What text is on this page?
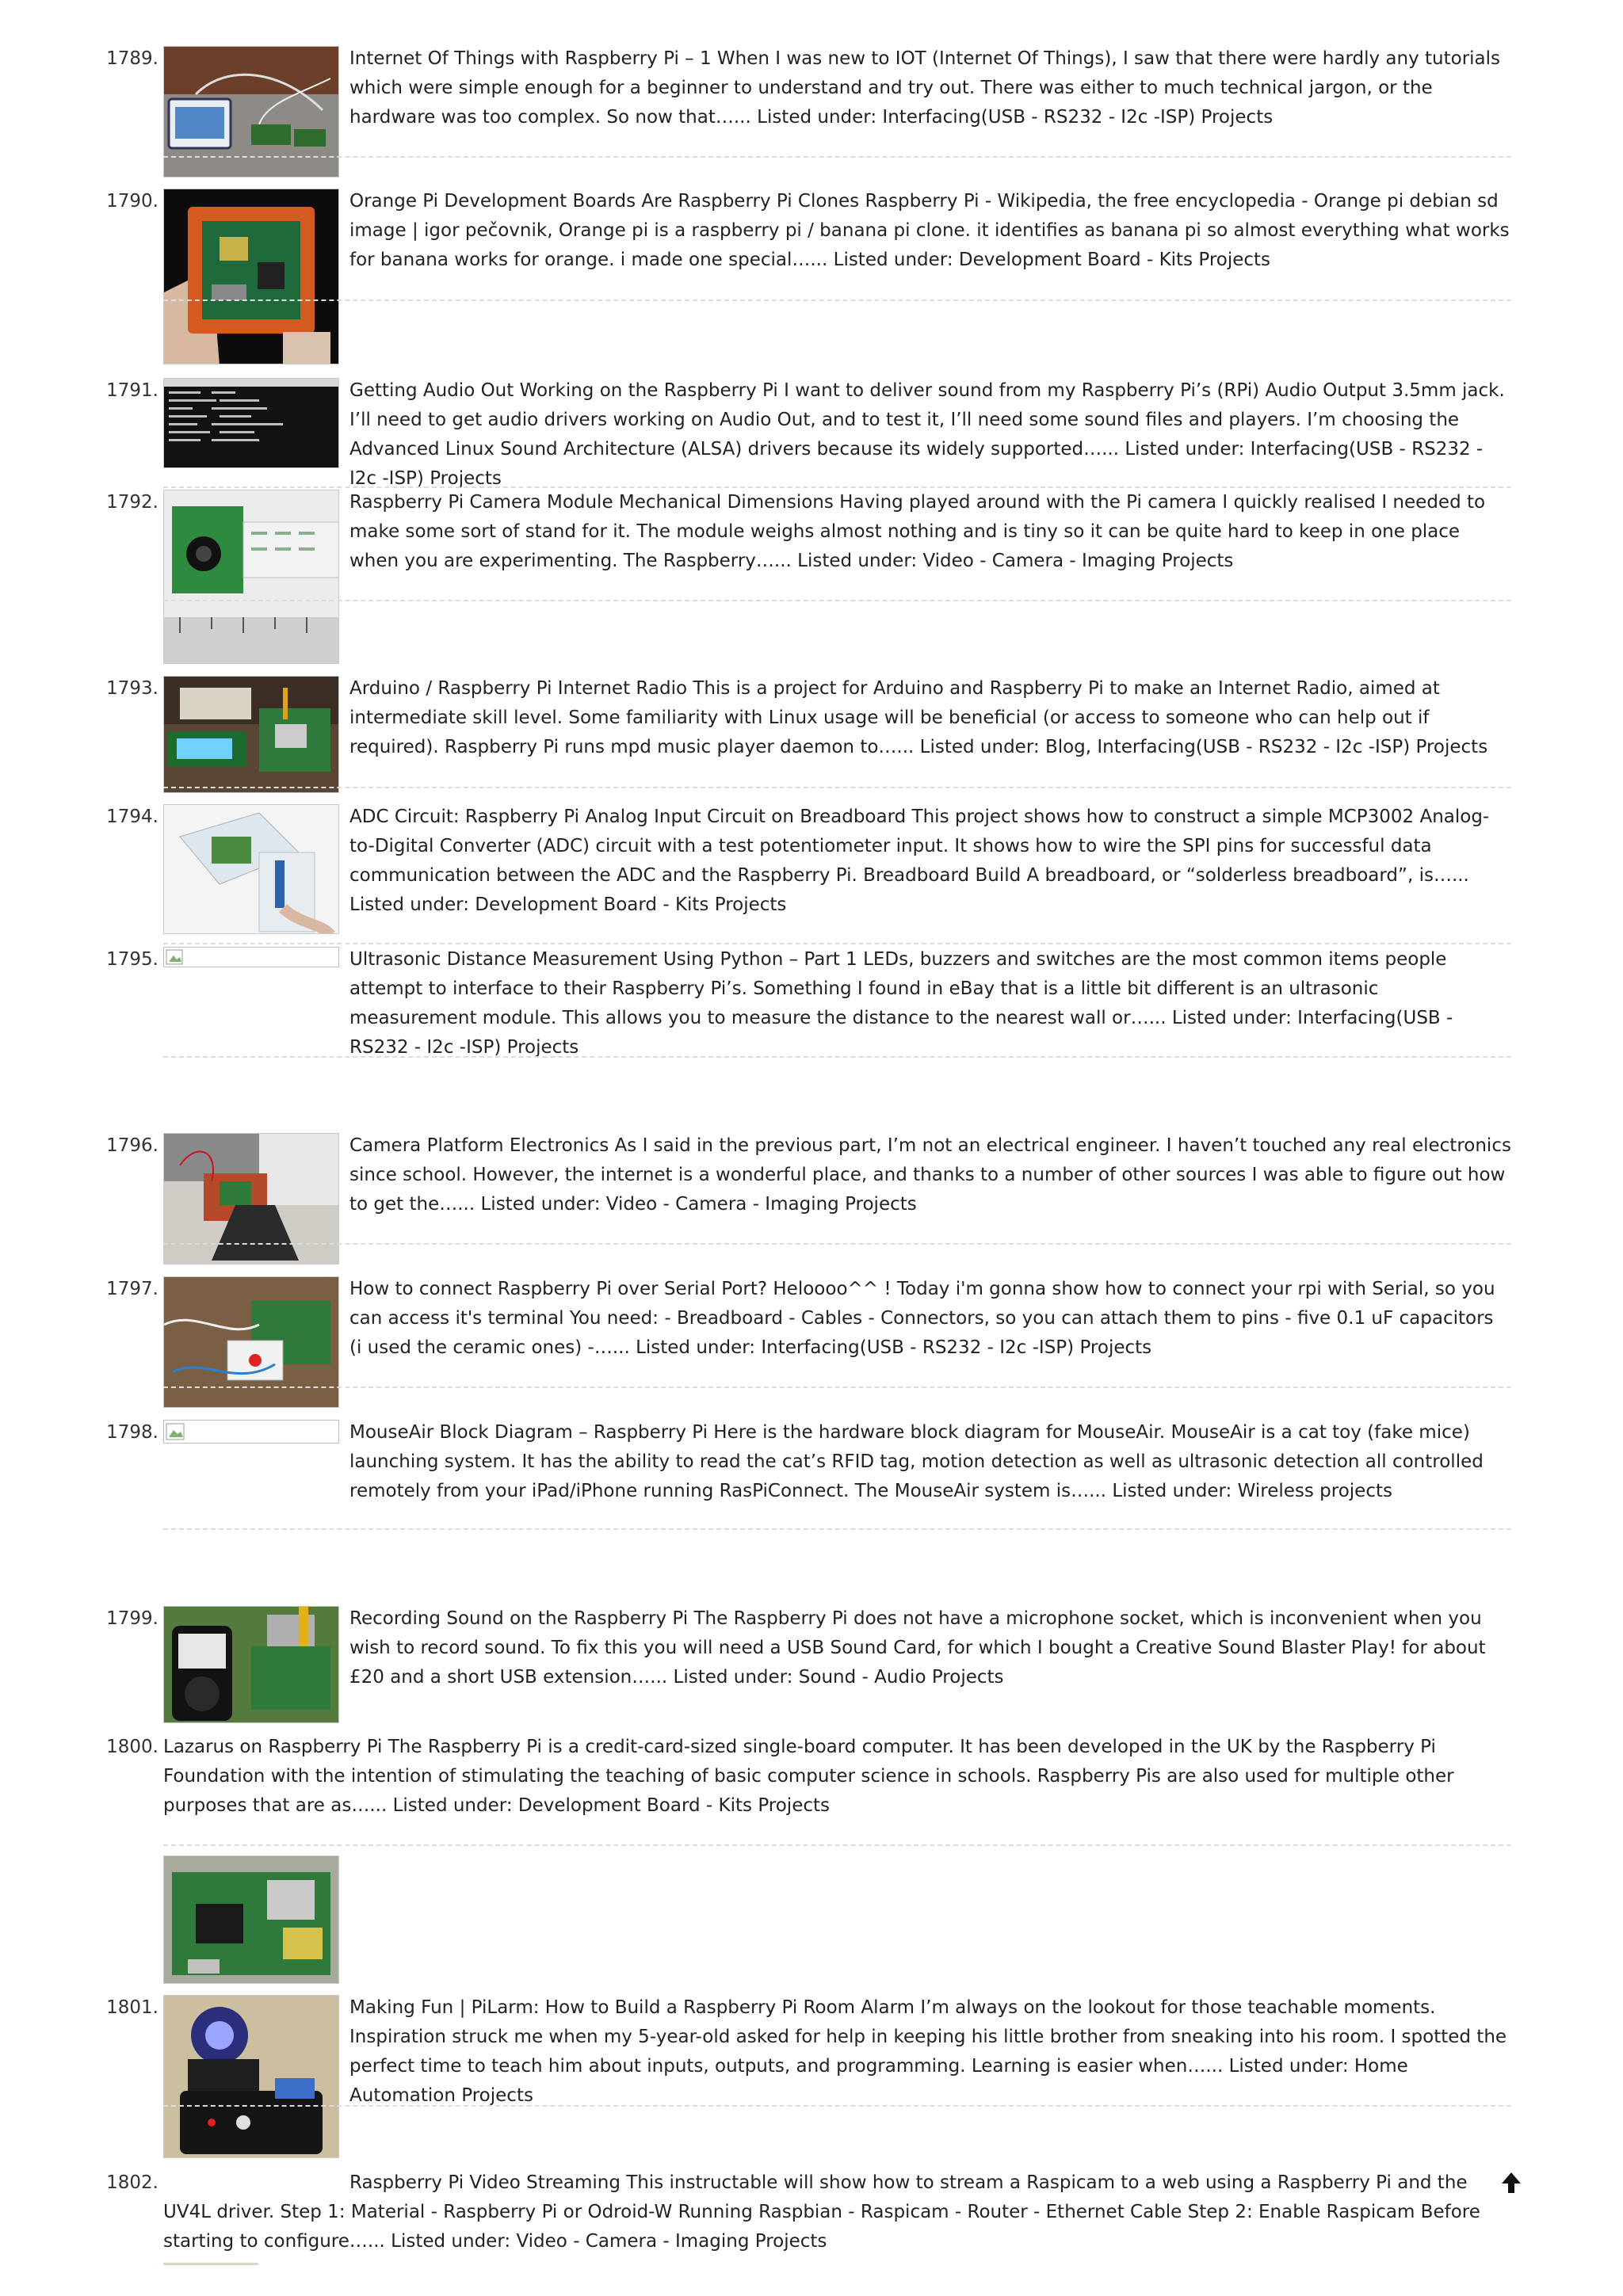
1789.	Internet Of Things with Raspberry Pi – 1 When I was new to IOT (Internet Of Things), I saw that there were hardly any tutorials which were simple enough for a beginner to understand and try out. There was either to much technical jargon, or the hardware was too complex. So now that…... Listed under: Interfacing(USB - RS232 - I2c -ISP) Projects
1790.	Orange Pi Development Boards Are Raspberry Pi Clones Raspberry Pi - Wikipedia, the free encyclopedia - Orange pi debian sd image | igor pečovnik, Orange pi is a raspberry pi / banana pi clone. it identifies as banana pi so almost everything what works for banana works for orange. i made one special…... Listed under: Development Board - Kits Projects
1791.	Getting Audio Out Working on the Raspberry Pi I want to deliver sound from my Raspberry Pi’s (RPi) Audio Output 3.5mm jack. I’ll need to get audio drivers working on Audio Out, and to test it, I’ll need some sound files and players. I’m choosing the Advanced Linux Sound Architecture (ALSA) drivers because its widely supported…... Listed under: Interfacing(USB - RS232 - I2c -ISP) Projects
1792.	Raspberry Pi Camera Module Mechanical Dimensions Having played around with the Pi camera I quickly realised I needed to make some sort of stand for it. The module weighs almost nothing and is tiny so it can be quite hard to keep in one place when you are experimenting. The Raspberry…... Listed under: Video - Camera - Imaging Projects
1793.	Arduino / Raspberry Pi Internet Radio This is a project for Arduino and Raspberry Pi to make an Internet Radio, aimed at intermediate skill level. Some familiarity with Linux usage will be beneficial (or access to someone who can help out if required). Raspberry Pi runs mpd music player daemon to…... Listed under: Blog, Interfacing(USB - RS232 - I2c -ISP) Projects
1794.	ADC Circuit: Raspberry Pi Analog Input Circuit on Breadboard This project shows how to construct a simple MCP3002 Analog-to-Digital Converter (ADC) circuit with a test potentiometer input. It shows how to wire the SPI pins for successful data communication between the ADC and the Raspberry Pi. Breadboard Build A breadboard, or “solderless breadboard”, is…... Listed under: Development Board - Kits Projects
1795.	Ultrasonic Distance Measurement Using Python – Part 1 LEDs, buzzers and switches are the most common items people attempt to interface to their Raspberry Pi’s. Something I found in eBay that is a little bit different is an ultrasonic measurement module. This allows you to measure the distance to the nearest wall or…... Listed under: Interfacing(USB - RS232 - I2c -ISP) Projects
1796.	Camera Platform Electronics As I said in the previous part, I’m not an electrical engineer. I haven’t touched any real electronics since school. However, the internet is a wonderful place, and thanks to a number of other sources I was able to figure out how to get the…... Listed under: Video - Camera - Imaging Projects
1797.	How to connect Raspberry Pi over Serial Port? Heloooo^^ ! Today i'm gonna show how to connect your rpi with Serial, so you can access it's terminal You need: - Breadboard - Cables - Connectors, so you can attach them to pins - five 0.1 uF capacitors (i used the ceramic ones) -…... Listed under: Interfacing(USB - RS232 - I2c -ISP) Projects
1798.	MouseAir Block Diagram – Raspberry Pi Here is the hardware block diagram for MouseAir. MouseAir is a cat toy (fake mice) launching system. It has the ability to read the cat’s RFID tag, motion detection as well as ultrasonic detection all controlled remotely from your iPad/iPhone running RasPiConnect. The MouseAir system is…... Listed under: Wireless projects
1799.	Recording Sound on the Raspberry Pi The Raspberry Pi does not have a microphone socket, which is inconvenient when you wish to record sound. To fix this you will need a USB Sound Card, for which I bought a Creative Sound Blaster Play! for about £20 and a short USB extension…... Listed under: Sound - Audio Projects
1800. Lazarus on Raspberry Pi The Raspberry Pi is a credit-card-sized single-board computer. It has been developed in the UK by the Raspberry Pi Foundation with the intention of stimulating the teaching of basic computer science in schools. Raspberry Pis are also used for multiple other purposes that are as…... Listed under: Development Board - Kits Projects
1801.	Making Fun | PiLarm: How to Build a Raspberry Pi Room Alarm I’m always on the lookout for those teachable moments. Inspiration struck me when my 5-year-old asked for help in keeping his little brother from sneaking into his room. I spotted the perfect time to teach him about inputs, outputs, and programming. Learning is easier when…... Listed under: Home Automation Projects
1802.	Raspberry Pi Video Streaming This instructable will show how to stream a Raspicam to a web using a Raspberry Pi and the UV4L driver. Step 1: Material - Raspberry Pi or Odroid-W Running Raspbian - Raspicam - Router - Ethernet Cable Step 2: Enable Raspicam Before starting to configure…... Listed under: Video - Camera - Imaging Projects
